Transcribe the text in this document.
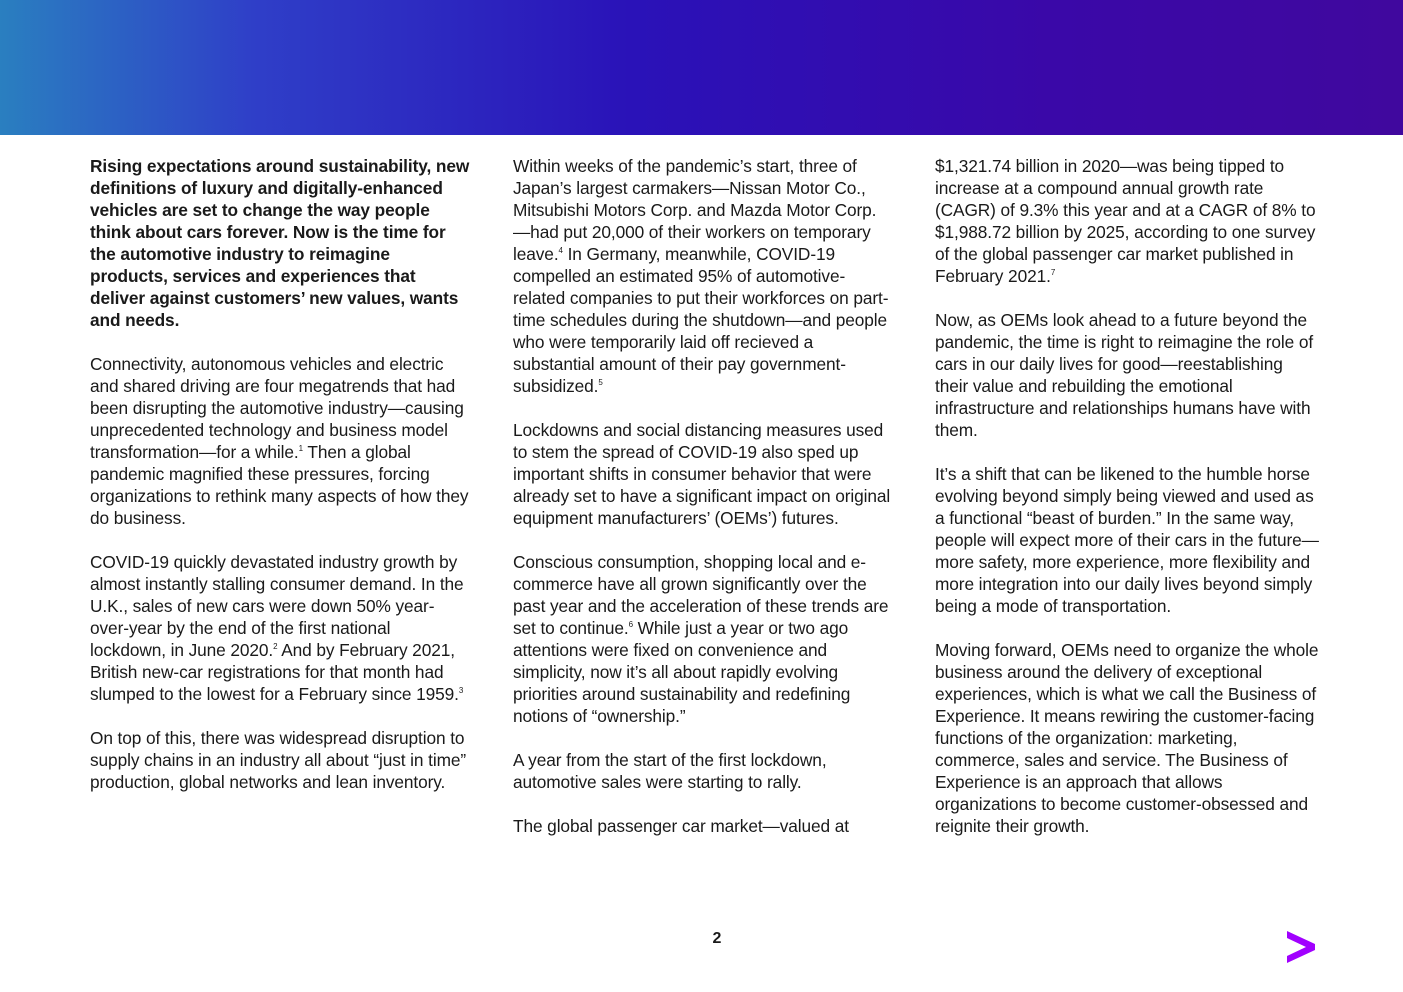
Rising expectations around sustainability, new definitions of luxury and digitally-enhanced vehicles are set to change the way people think about cars forever. Now is the time for the automotive industry to reimagine products, services and experiences that deliver against customers’ new values, wants and needs.

Connectivity, autonomous vehicles and electric and shared driving are four megatrends that had been disrupting the automotive industry—causing unprecedented technology and business model transformation—for a while.$^1$ Then a global pandemic magnified these pressures, forcing organizations to rethink many aspects of how they do business.

COVID-19 quickly devastated industry growth by almost instantly stalling consumer demand. In the U.K., sales of new cars were down 50% year-over-year by the end of the first national lockdown, in June 2020.$^2$ And by February 2021, British new-car registrations for that month had slumped to the lowest for a February since 1959.$^3$

On top of this, there was widespread disruption to supply chains in an industry all about “just in time” production, global networks and lean inventory.

Within weeks of the pandemic’s start, three of Japan’s largest carmakers—Nissan Motor Co., Mitsubishi Motors Corp. and Mazda Motor Corp.—had put 20,000 of their workers on temporary leave.$^4$ In Germany, meanwhile, COVID-19 compelled an estimated 95% of automotive-related companies to put their workforces on part-time schedules during the shutdown—and people who were temporarily laid off recieved a substantial amount of their pay government-subsidized.$^5$

Lockdowns and social distancing measures used to stem the spread of COVID-19 also sped up important shifts in consumer behavior that were already set to have a significant impact on original equipment manufacturers’ (OEMs’) futures.

Conscious consumption, shopping local and e-commerce have all grown significantly over the past year and the acceleration of these trends are set to continue.$^6$ While just a year or two ago attentions were fixed on convenience and simplicity, now it’s all about rapidly evolving priorities around sustainability and redefining notions of “ownership.”

A year from the start of the first lockdown, automotive sales were starting to rally.

The global passenger car market—valued at

$1,321.74 billion in 2020—was being tipped to increase at a compound annual growth rate (CAGR) of 9.3% this year and at a CAGR of 8% to $1,988.72 billion by 2025, according to one survey of the global passenger car market published in February 2021.$^7$

Now, as OEMs look ahead to a future beyond the pandemic, the time is right to reimagine the role of cars in our daily lives for good—reestablishing their value and rebuilding the emotional infrastructure and relationships humans have with them.

It’s a shift that can be likened to the humble horse evolving beyond simply being viewed and used as a functional “beast of burden.” In the same way, people will expect more of their cars in the future—more safety, more experience, more flexibility and more integration into our daily lives beyond simply being a mode of transportation.

Moving forward, OEMs need to organize the whole business around the delivery of exceptional experiences, which is what we call the Business of Experience. It means rewiring the customer-facing functions of the organization: marketing, commerce, sales and service. The Business of Experience is an approach that allows organizations to become customer-obsessed and reignite their growth.

2
